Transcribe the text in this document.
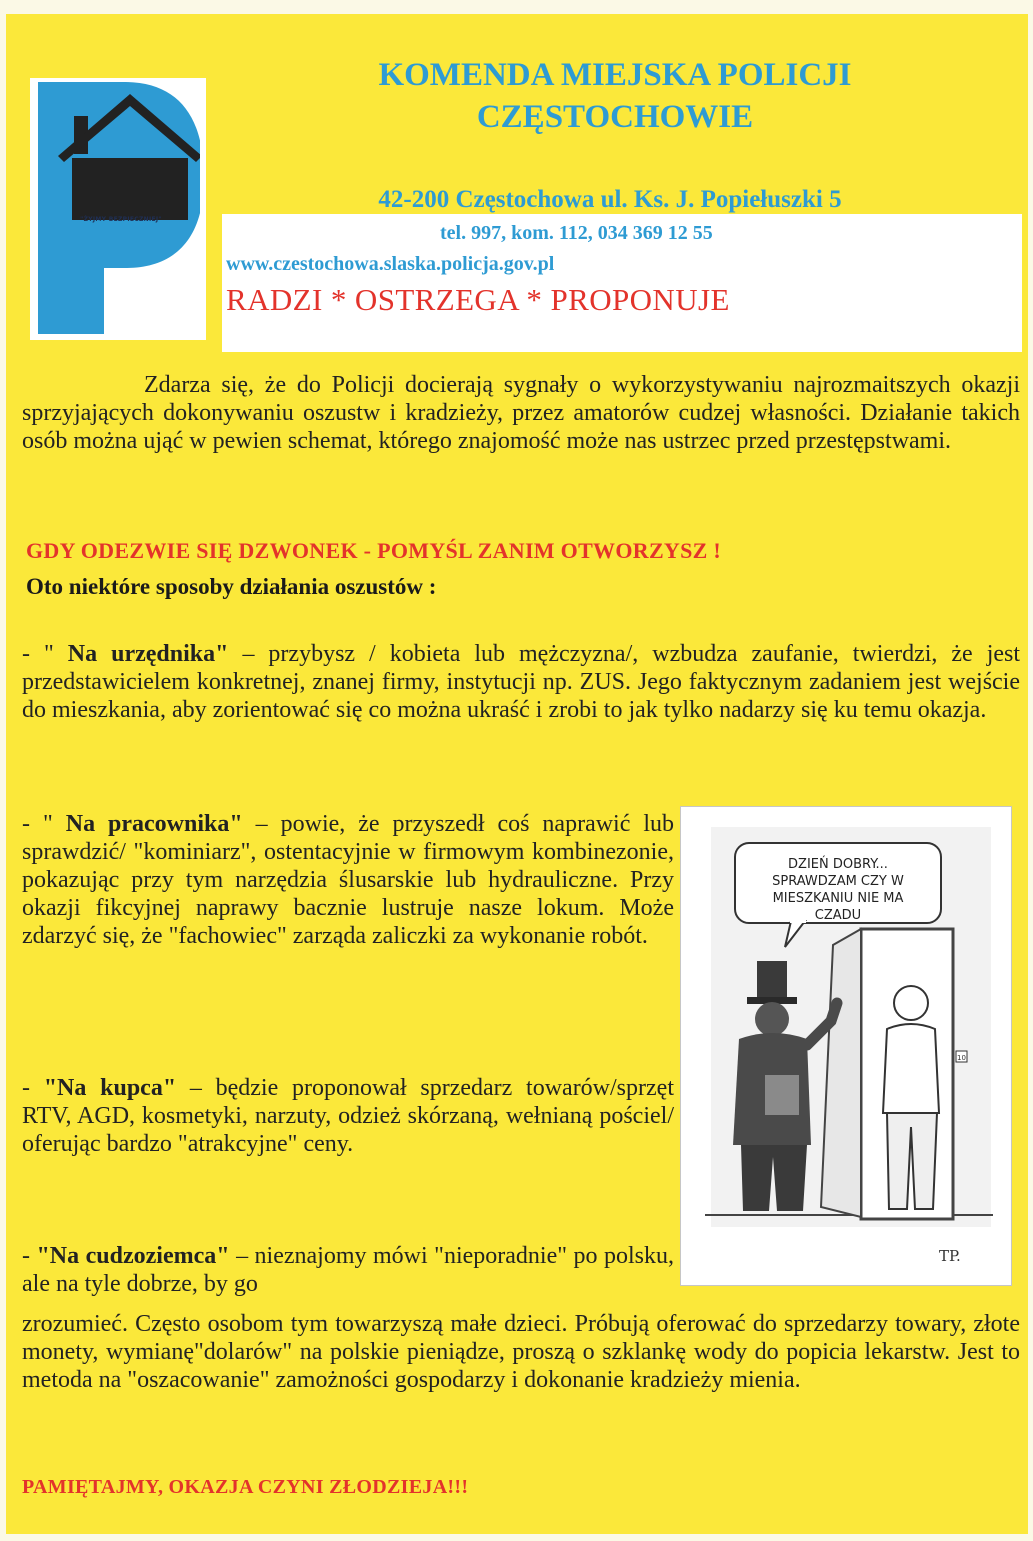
"ŻYJMY BEZPIECZNIEJ"
KOMENDA MIEJSKA POLICJI
CZĘSTOCHOWIE
42-200 Częstochowa ul. Ks. J. Popiełuszki 5
tel. 997, kom. 112, 034 369 12 55
www.czestochowa.slaska.policja.gov.pl
RADZI * OSTRZEGA * PROPONUJE

Zdarza się, że do Policji docierają sygnały o wykorzystywaniu najrozmaitszych okazji sprzyjających dokonywaniu oszustw i kradzieży, przez amatorów cudzej własności. Działanie takich osób można ująć w pewien schemat, którego znajomość może nas ustrzec przed przestępstwami.

GDY ODEZWIE SIĘ DZWONEK - POMYŚL ZANIM OTWORZYSZ !
Oto niektóre sposoby działania oszustów :

- " Na urzędnika" – przybysz / kobieta lub mężczyzna/, wzbudza zaufanie, twierdzi, że jest przedstawicielem konkretnej, znanej firmy, instytucji np. ZUS. Jego faktycznym zadaniem jest wejście do mieszkania, aby zorientować się co można ukraść i zrobi to jak tylko nadarzy się ku temu okazja.

- " Na pracownika" – powie, że przyszedł coś naprawić lub sprawdzić/ "kominiarz", ostentacyjnie w firmowym kombinezonie, pokazując przy tym narzędzia ślusarskie lub hydrauliczne. Przy okazji fikcyjnej naprawy bacznie lustruje nasze lokum. Może zdarzyć się, że "fachowiec" zarząda zaliczki za wykonanie robót.

- "Na kupca" – będzie proponował sprzedarz towarów/sprzęt RTV, AGD, kosmetyki, narzuty, odzież skórzaną, wełnianą pościel/ oferując bardzo "atrakcyjne" ceny.

- "Na cudzoziemca" – nieznajomy mówi "nieporadnie" po polsku, ale na tyle dobrze, by go

zrozumieć. Często osobom tym towarzyszą małe dzieci. Próbują oferować do sprzedarzy towary, złote monety, wymianę"dolarów" na polskie pieniądze, proszą o szklankę wody do popicia lekarstw. Jest to metoda na "oszacowanie" zamożności gospodarzy i dokonanie kradzieży mienia.

PAMIĘTAJMY, OKAZJA CZYNI ZŁODZIEJA!!!
10
DZIEŃ DOBRY...
SPRAWDZAM CZY W
MIESZKANIU NIE MA
CZADU
TP.
